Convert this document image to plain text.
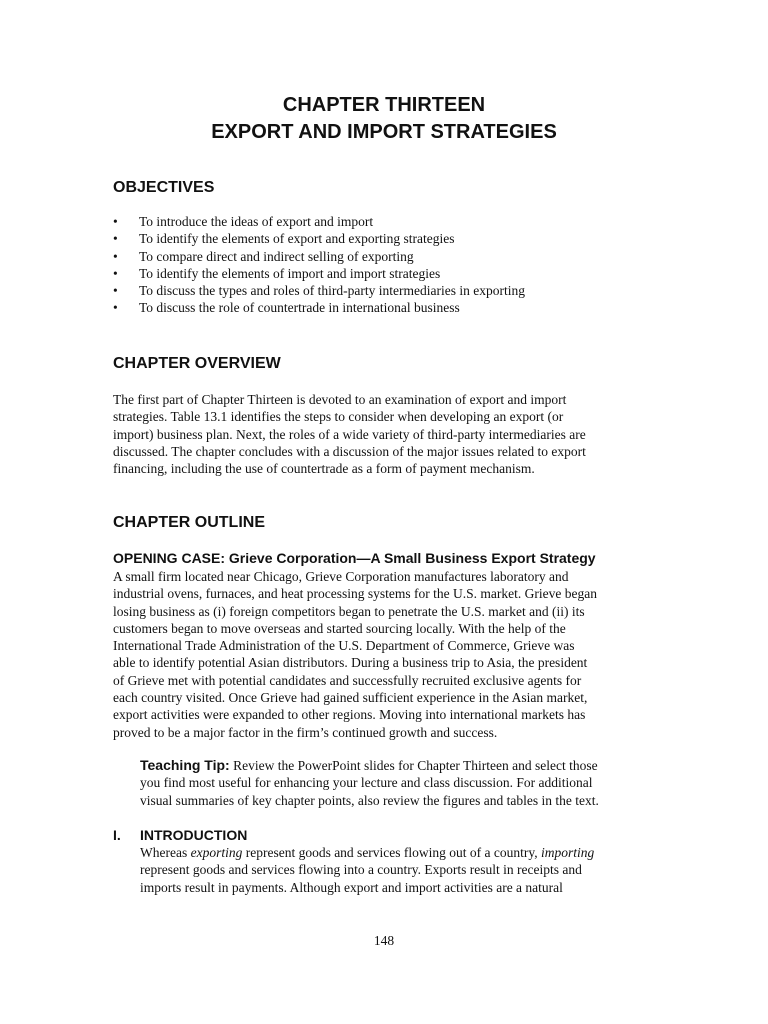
CHAPTER THIRTEEN
EXPORT AND IMPORT STRATEGIES
OBJECTIVES
• To introduce the ideas of export and import
• To identify the elements of export and exporting strategies
• To compare direct and indirect selling of exporting
• To identify the elements of import and import strategies
• To discuss the types and roles of third-party intermediaries in exporting
• To discuss the role of countertrade in international business
CHAPTER OVERVIEW
The first part of Chapter Thirteen is devoted to an examination of export and import
strategies. Table 13.1 identifies the steps to consider when developing an export (or
import) business plan. Next, the roles of a wide variety of third-party intermediaries are
discussed. The chapter concludes with a discussion of the major issues related to export
financing, including the use of countertrade as a form of payment mechanism.
CHAPTER OUTLINE
OPENING CASE: Grieve Corporation—A Small Business Export Strategy
A small firm located near Chicago, Grieve Corporation manufactures laboratory and
industrial ovens, furnaces, and heat processing systems for the U.S. market. Grieve began
losing business as (i) foreign competitors began to penetrate the U.S. market and (ii) its
customers began to move overseas and started sourcing locally. With the help of the
International Trade Administration of the U.S. Department of Commerce, Grieve was
able to identify potential Asian distributors. During a business trip to Asia, the president
of Grieve met with potential candidates and successfully recruited exclusive agents for
each country visited. Once Grieve had gained sufficient experience in the Asian market,
export activities were expanded to other regions. Moving into international markets has
proved to be a major factor in the firm’s continued growth and success.
Teaching Tip: Review the PowerPoint slides for Chapter Thirteen and select those
you find most useful for enhancing your lecture and class discussion. For additional
visual summaries of key chapter points, also review the figures and tables in the text.
I. INTRODUCTION
Whereas exporting represent goods and services flowing out of a country, importing
represent goods and services flowing into a country. Exports result in receipts and
imports result in payments. Although export and import activities are a natural
148
